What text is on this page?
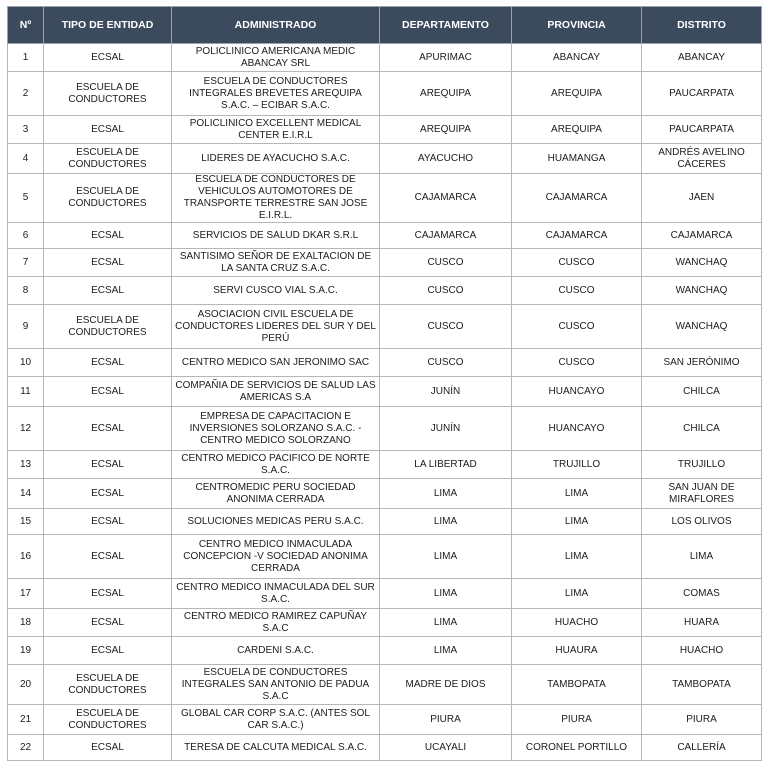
Nº	TIPO DE ENTIDAD	ADMINISTRADO	DEPARTAMENTO	PROVINCIA	DISTRITO
1	ECSAL	POLICLINICO AMERICANA MEDIC ABANCAY SRL	APURIMAC	ABANCAY	ABANCAY
2	ESCUELA DE CONDUCTORES	ESCUELA DE CONDUCTORES INTEGRALES BREVETES AREQUIPA S.A.C. – ECIBAR S.A.C.	AREQUIPA	AREQUIPA	PAUCARPATA
3	ECSAL	POLICLINICO EXCELLENT MEDICAL CENTER E.I.R.L	AREQUIPA	AREQUIPA	PAUCARPATA
4	ESCUELA DE CONDUCTORES	LIDERES DE AYACUCHO S.A.C.	AYACUCHO	HUAMANGA	ANDRÉS AVELINO CÁCERES
5	ESCUELA DE CONDUCTORES	ESCUELA DE CONDUCTORES DE VEHICULOS AUTOMOTORES DE TRANSPORTE TERRESTRE SAN JOSE E.I.R.L.	CAJAMARCA	CAJAMARCA	JAEN
6	ECSAL	SERVICIOS DE SALUD DKAR S.R.L	CAJAMARCA	CAJAMARCA	CAJAMARCA
7	ECSAL	SANTISIMO SEÑOR DE EXALTACION DE LA SANTA CRUZ S.A.C.	CUSCO	CUSCO	WANCHAQ
8	ECSAL	SERVI CUSCO VIAL S.A.C.	CUSCO	CUSCO	WANCHAQ
9	ESCUELA DE CONDUCTORES	ASOCIACION CIVIL ESCUELA DE CONDUCTORES LIDERES DEL SUR Y DEL PERÚ	CUSCO	CUSCO	WANCHAQ
10	ECSAL	CENTRO MEDICO SAN JERONIMO SAC	CUSCO	CUSCO	SAN JERÓNIMO
11	ECSAL	COMPAÑIA DE SERVICIOS DE SALUD LAS AMERICAS S.A	JUNÍN	HUANCAYO	CHILCA
12	ECSAL	EMPRESA DE CAPACITACION E INVERSIONES SOLORZANO S.A.C. - CENTRO MEDICO SOLORZANO	JUNÍN	HUANCAYO	CHILCA
13	ECSAL	CENTRO MEDICO PACIFICO DE NORTE S.A.C.	LA LIBERTAD	TRUJILLO	TRUJILLO
14	ECSAL	CENTROMEDIC PERU SOCIEDAD ANONIMA CERRADA	LIMA	LIMA	SAN JUAN DE MIRAFLORES
15	ECSAL	SOLUCIONES MEDICAS PERU S.A.C.	LIMA	LIMA	LOS OLIVOS
16	ECSAL	CENTRO MEDICO INMACULADA CONCEPCION -V SOCIEDAD ANONIMA CERRADA	LIMA	LIMA	LIMA
17	ECSAL	CENTRO MEDICO INMACULADA DEL SUR S.A.C.	LIMA	LIMA	COMAS
18	ECSAL	CENTRO MEDICO RAMIREZ CAPUÑAY S.A.C	LIMA	HUACHO	HUARA
19	ECSAL	CARDENI S.A.C.	LIMA	HUAURA	HUACHO
20	ESCUELA DE CONDUCTORES	ESCUELA DE CONDUCTORES INTEGRALES SAN ANTONIO DE PADUA S.A.C	MADRE DE DIOS	TAMBOPATA	TAMBOPATA
21	ESCUELA DE CONDUCTORES	GLOBAL CAR CORP S.A.C. (ANTES SOL CAR S.A.C.)	PIURA	PIURA	PIURA
22	ECSAL	TERESA DE CALCUTA MEDICAL S.A.C.	UCAYALI	CORONEL PORTILLO	CALLERÍA
